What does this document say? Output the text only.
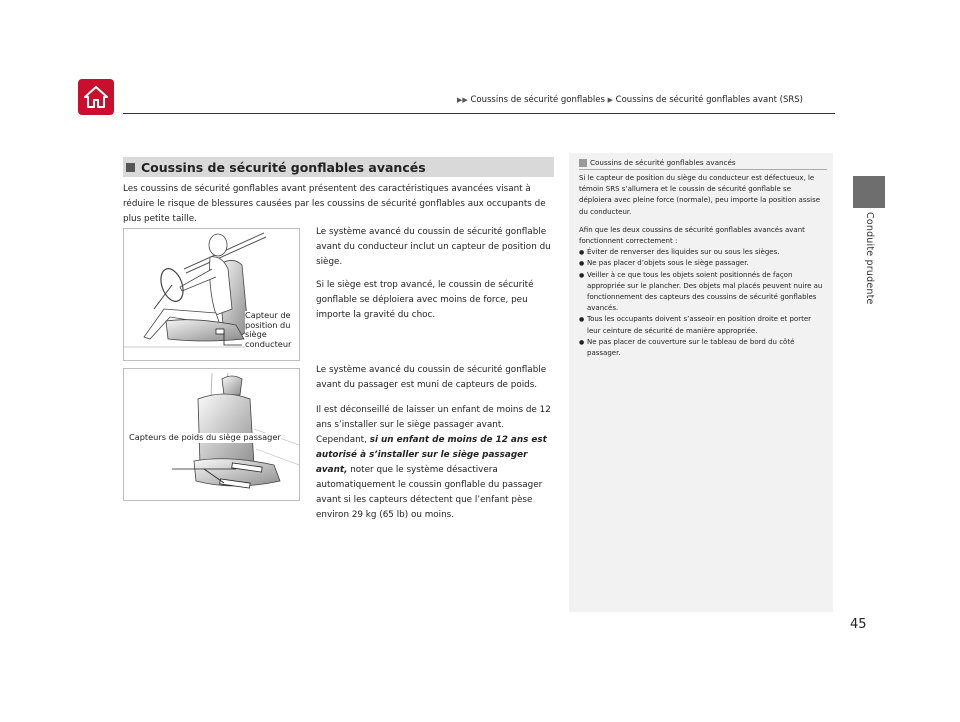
▶▶ Coussins de sécurité gonflables ▶ Coussins de sécurité gonflables avant (SRS)
Conduite prudente
Coussins de sécurité gonflables avancés

Les coussins de sécurité gonflables avant présentent des caractéristiques avancées visant à réduire le risque de blessures causées par les coussins de sécurité gonflables aux occupants de plus petite taille.

Capteur de position du siège conducteur
Capteurs de poids du siège passager

Le système avancé du coussin de sécurité gonflable avant du conducteur inclut un capteur de position du siège.

Si le siège est trop avancé, le coussin de sécurité gonflable se déploiera avec moins de force, peu importe la gravité du choc.

Le système avancé du coussin de sécurité gonflable avant du passager est muni de capteurs de poids.

Il est déconseillé de laisser un enfant de moins de 12 ans s’installer sur le siège passager avant. Cependant, si un enfant de moins de 12 ans est autorisé à s’installer sur le siège passager avant, noter que le système désactivera automatiquement le coussin gonflable du passager avant si les capteurs détectent que l’enfant pèse environ 29 kg (65 lb) ou moins.

Coussins de sécurité gonflables avancés

Si le capteur de position du siège du conducteur est défectueux, le témoin SRS s’allumera et le coussin de sécurité gonflable se déploiera avec pleine force (normale), peu importe la position assise du conducteur.

Afin que les deux coussins de sécurité gonflables avancés avant fonctionnent correctement :

● Éviter de renverser des liquides sur ou sous les sièges.
● Ne pas placer d’objets sous le siège passager.
● Veiller à ce que tous les objets soient positionnés de façon appropriée sur le plancher. Des objets mal placés peuvent nuire au fonctionnement des capteurs des coussins de sécurité gonflables avancés.
● Tous les occupants doivent s’asseoir en position droite et porter leur ceinture de sécurité de manière appropriée.
● Ne pas placer de couverture sur le tableau de bord du côté passager.
45
